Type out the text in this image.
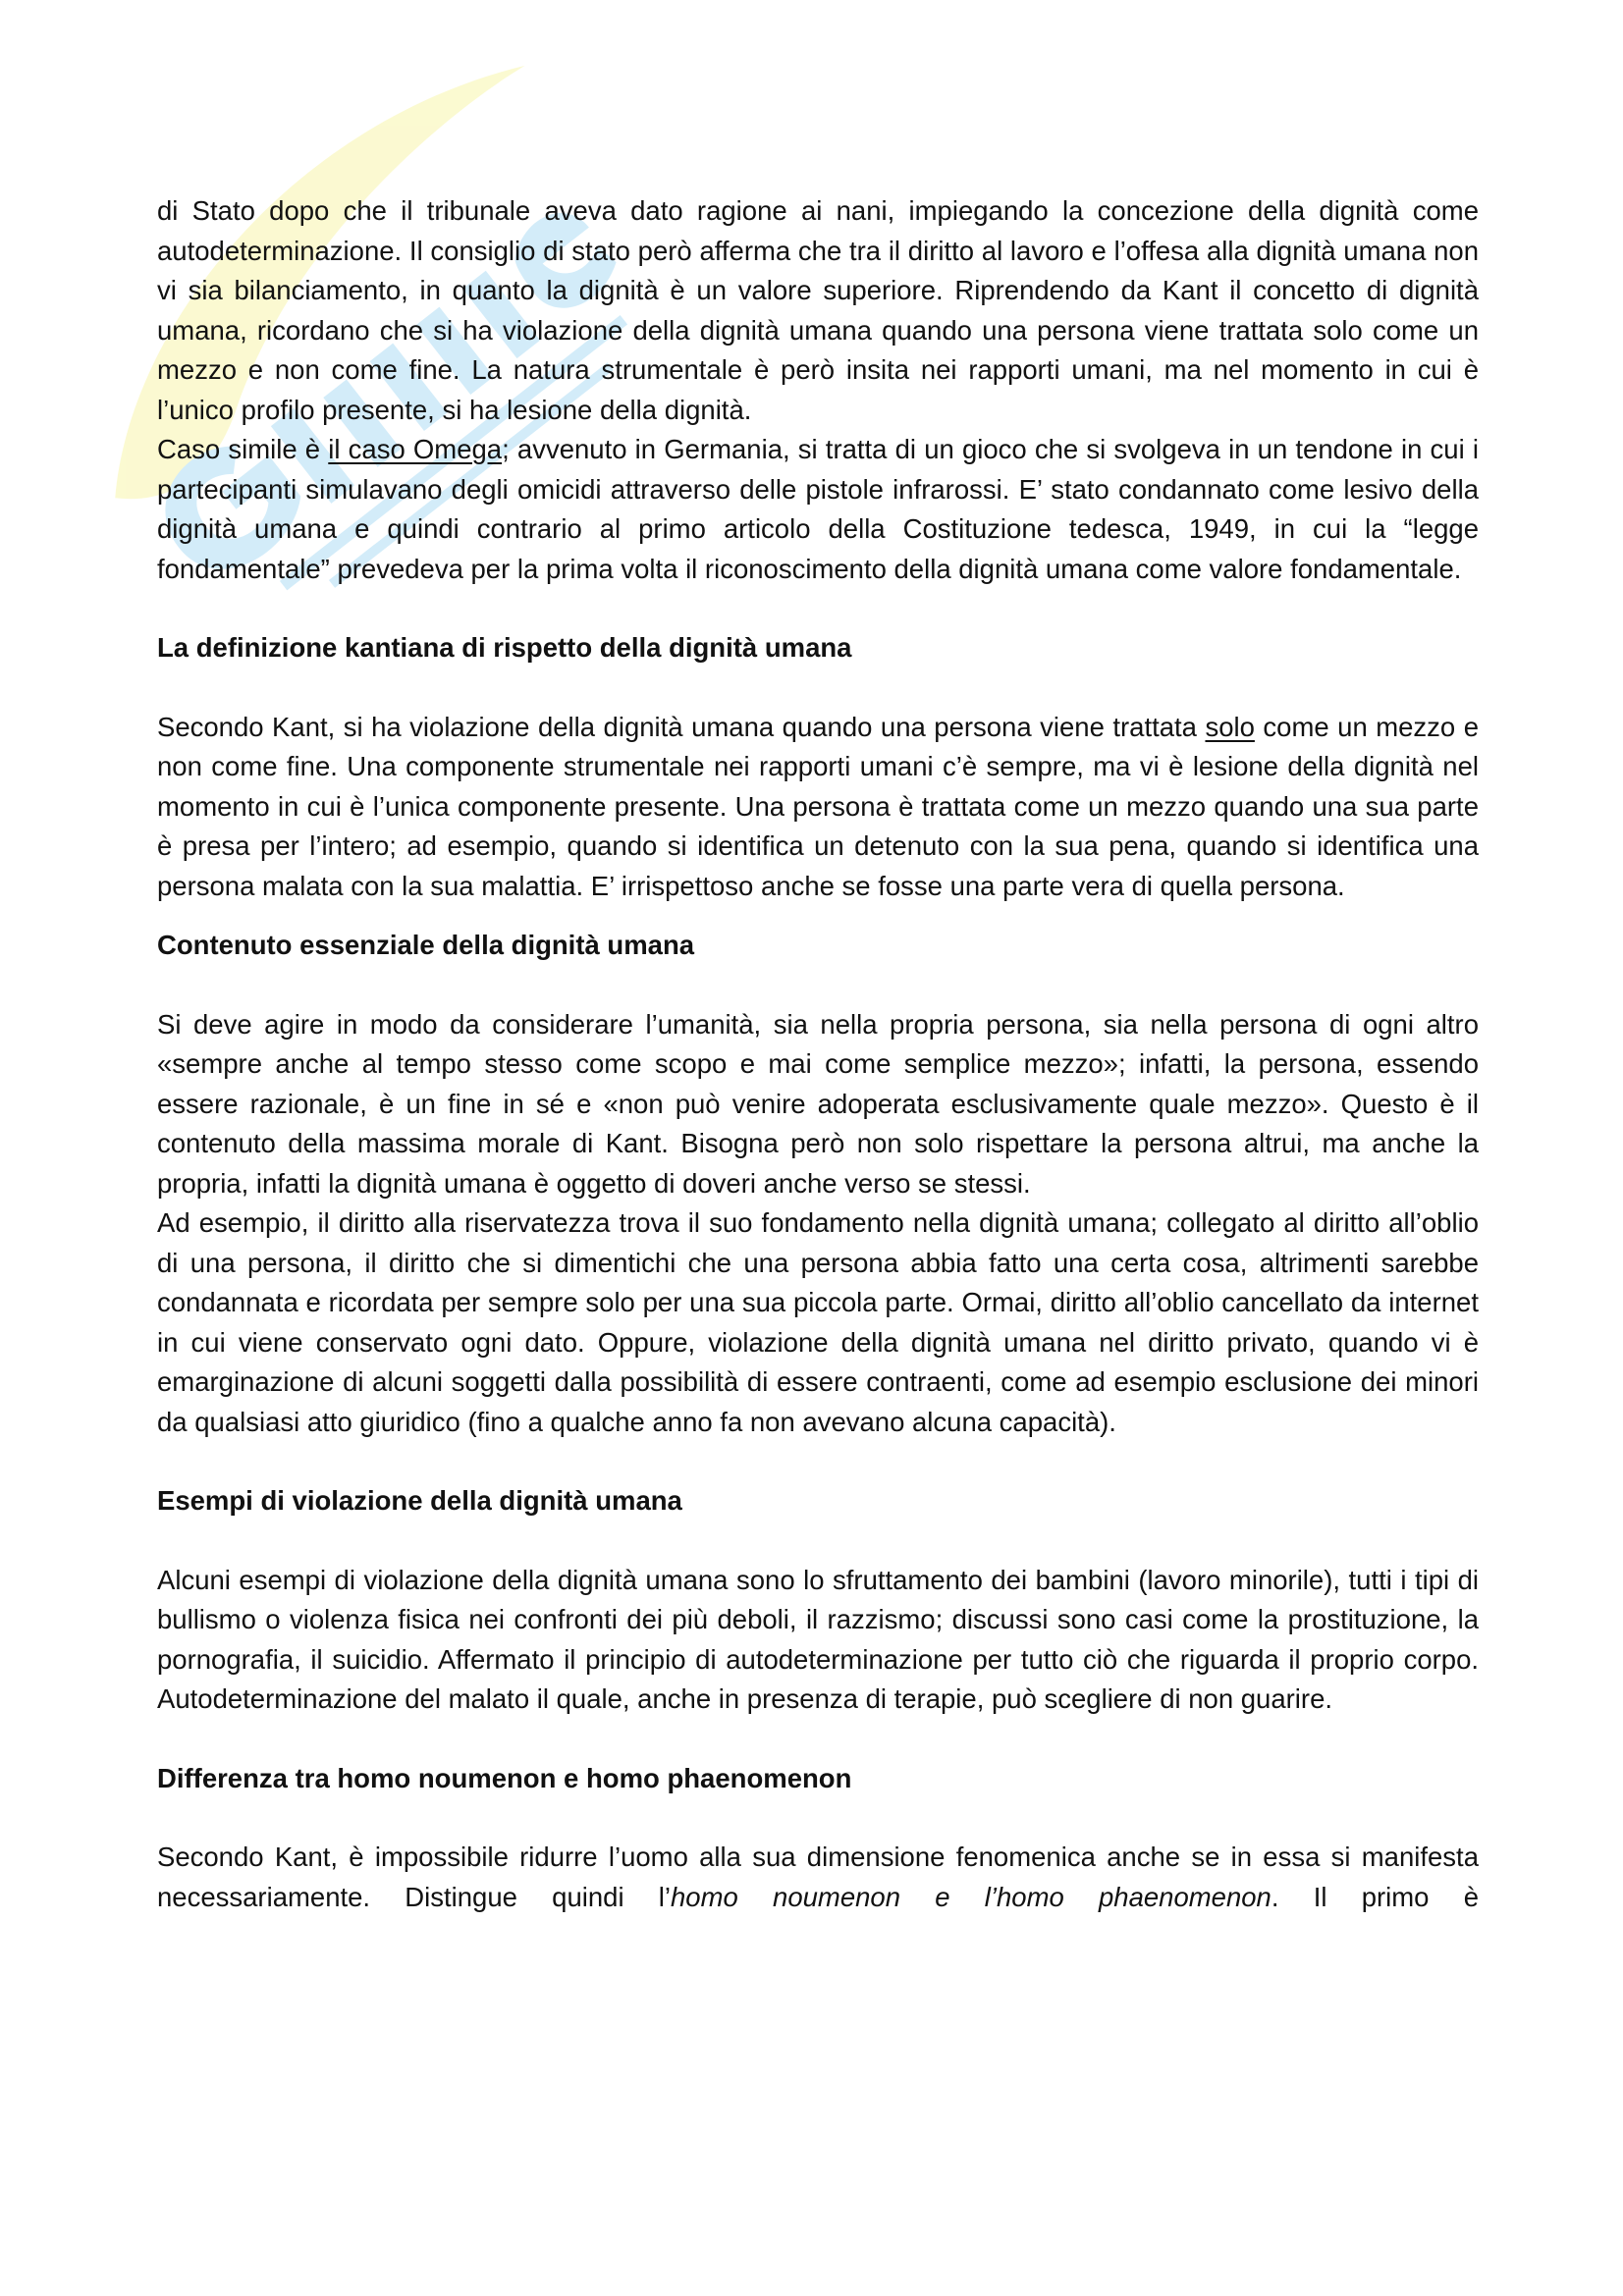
di Stato dopo che il tribunale aveva dato ragione ai nani, impiegando la concezione della dignità come autodeterminazione. Il consiglio di stato però afferma che tra il diritto al lavoro e l’offesa alla dignità umana non vi sia bilanciamento, in quanto la dignità è un valore superiore. Riprendendo da Kant il concetto di dignità umana, ricordano che si ha violazione della dignità umana quando una persona viene trattata solo come un mezzo e non come fine. La natura strumentale è però insita nei rapporti umani, ma nel momento in cui è l’unico profilo presente, si ha lesione della dignità.
Caso simile è il caso Omega; avvenuto in Germania, si tratta di un gioco che si svolgeva in un tendone in cui i partecipanti simulavano degli omicidi attraverso delle pistole infrarossi. E’ stato condannato come lesivo della dignità umana e quindi contrario al primo articolo della Costituzione tedesca, 1949, in cui la “legge fondamentale” prevedeva per la prima volta il riconoscimento della dignità umana come valore fondamentale.

La definizione kantiana di rispetto della dignità umana

Secondo Kant, si ha violazione della dignità umana quando una persona viene trattata solo come un mezzo e non come fine. Una componente strumentale nei rapporti umani c’è sempre, ma vi è lesione della dignità nel momento in cui è l’unica componente presente. Una persona è trattata come un mezzo quando una sua parte è presa per l’intero; ad esempio, quando si identifica un detenuto con la sua pena, quando si identifica una persona malata con la sua malattia. E’ irrispettoso anche se fosse una parte vera di quella persona.

Contenuto essenziale della dignità umana

Si deve agire in modo da considerare l’umanità, sia nella propria persona, sia nella persona di ogni altro «sempre anche al tempo stesso come scopo e mai come semplice mezzo»; infatti, la persona, essendo essere razionale, è un fine in sé e «non può venire adoperata esclusivamente quale mezzo». Questo è il contenuto della massima morale di Kant. Bisogna però non solo rispettare la persona altrui, ma anche la propria, infatti la dignità umana è oggetto di doveri anche verso se stessi.

Ad esempio, il diritto alla riservatezza trova il suo fondamento nella dignità umana; collegato al diritto all’oblio di una persona, il diritto che si dimentichi che una persona abbia fatto una certa cosa, altrimenti sarebbe condannata e ricordata per sempre solo per una sua piccola parte. Ormai, diritto all’oblio cancellato da internet in cui viene conservato ogni dato. Oppure, violazione della dignità umana nel diritto privato, quando vi è emarginazione di alcuni soggetti dalla possibilità di essere contraenti, come ad esempio esclusione dei minori da qualsiasi atto giuridico (fino a qualche anno fa non avevano alcuna capacità).

Esempi di violazione della dignità umana

Alcuni esempi di violazione della dignità umana sono lo sfruttamento dei bambini (lavoro minorile), tutti i tipi di bullismo o violenza fisica nei confronti dei più deboli, il razzismo; discussi sono casi come la prostituzione, la pornografia, il suicidio. Affermato il principio di autodeterminazione per tutto ciò che riguarda il proprio corpo. Autodeterminazione del malato il quale, anche in presenza di terapie, può scegliere di non guarire.

Differenza tra homo noumenon e homo phaenomenon

Secondo Kant, è impossibile ridurre l’uomo alla sua dimensione fenomenica anche se in essa si manifesta necessariamente. Distingue quindi l’homo noumenon e l’homo phaenomenon. Il primo è
